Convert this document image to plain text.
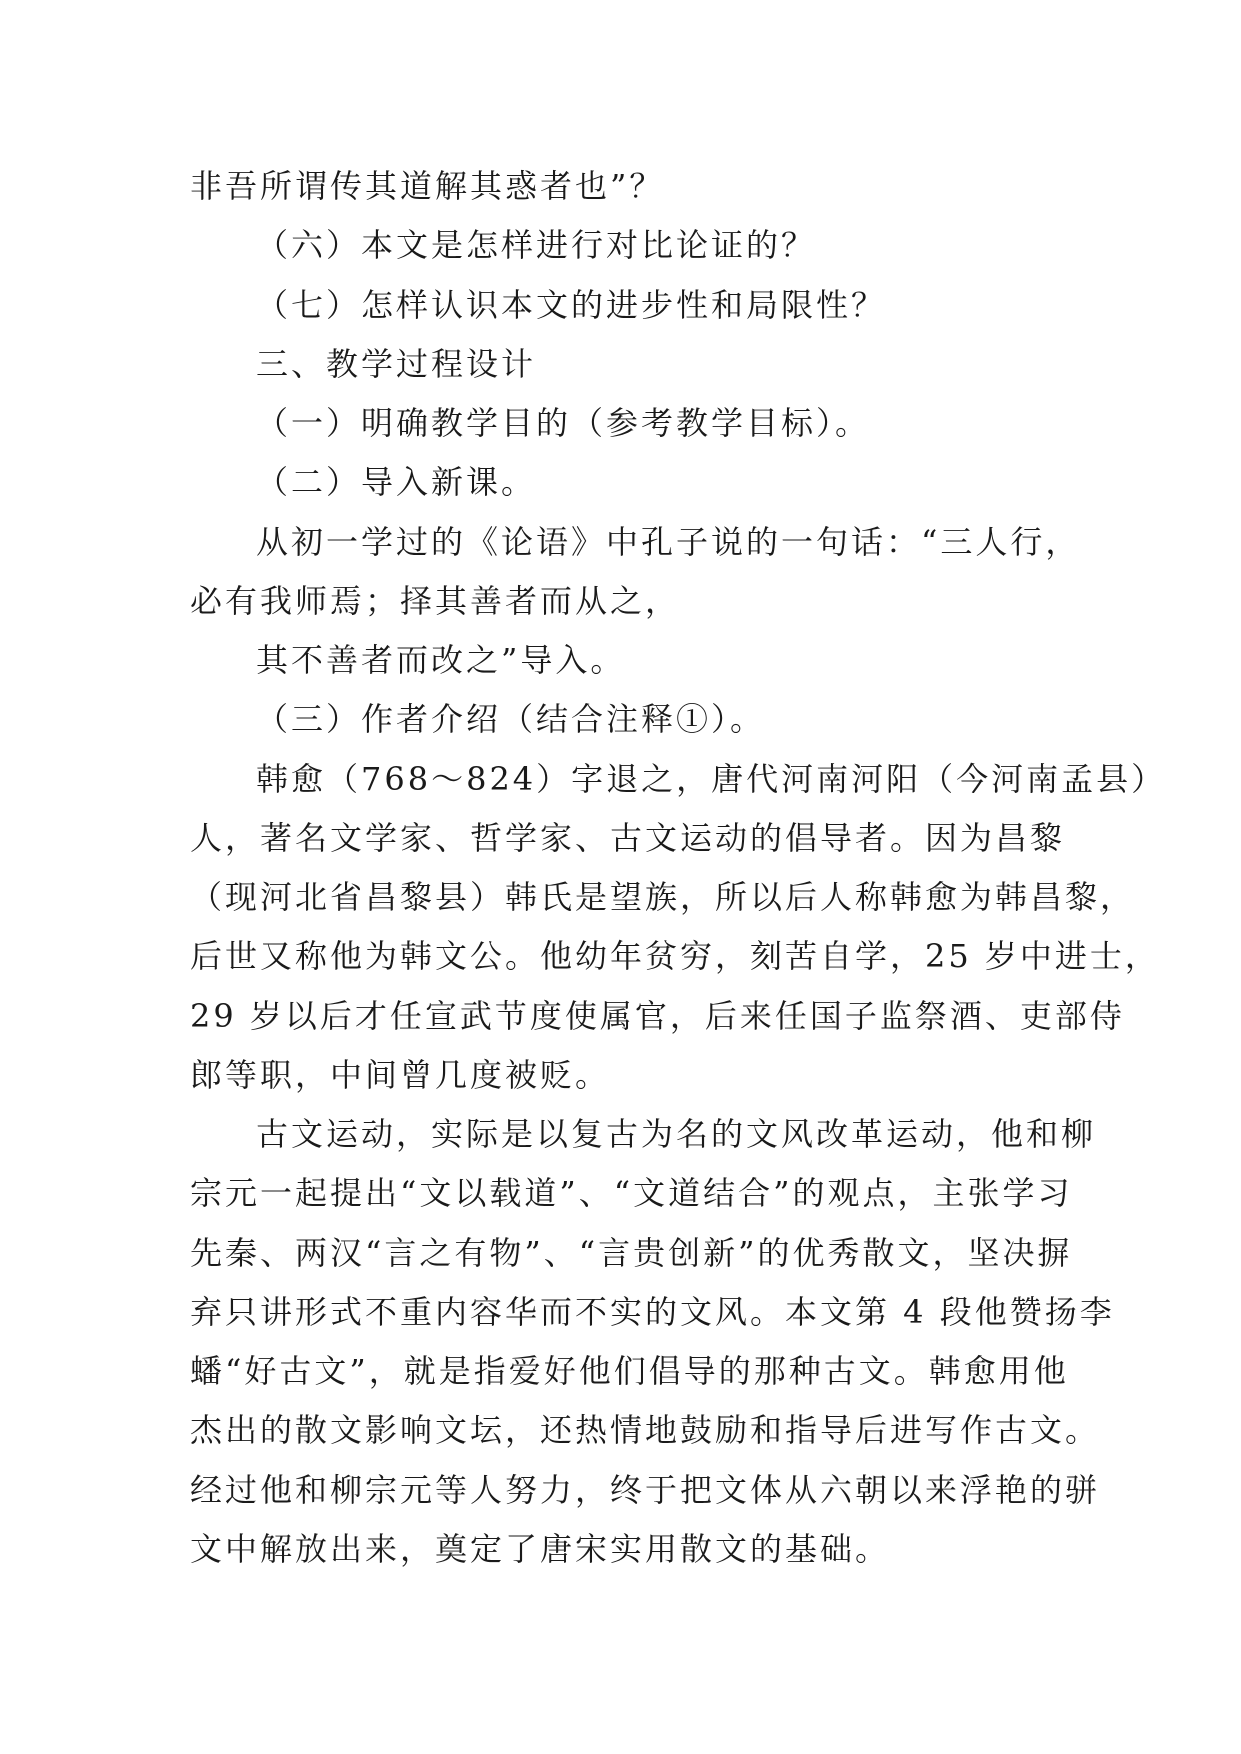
非吾所谓传其道解其惑者也”？
（六）本文是怎样进行对比论证的？
（七）怎样认识本文的进步性和局限性？
三、教学过程设计
（一）明确教学目的（参考教学目标）。
（二）导入新课。
从初一学过的《论语》中孔子说的一句话：“三人行，
必有我师焉；择其善者而从之，
其不善者而改之”导入。
（三）作者介绍（结合注释①）。
韩愈（768～824）字退之，唐代河南河阳（今河南孟县）
人，著名文学家、哲学家、古文运动的倡导者。因为昌黎
（现河北省昌黎县）韩氏是望族，所以后人称韩愈为韩昌黎，
后世又称他为韩文公。他幼年贫穷，刻苦自学，25 岁中进士，
29 岁以后才任宣武节度使属官，后来任国子监祭酒、吏部侍
郎等职，中间曾几度被贬。
古文运动，实际是以复古为名的文风改革运动，他和柳
宗元一起提出“文以载道”、“文道结合”的观点，主张学习
先秦、两汉“言之有物”、“言贵创新”的优秀散文，坚决摒
弃只讲形式不重内容华而不实的文风。本文第 4 段他赞扬李
蟠“好古文”，就是指爱好他们倡导的那种古文。韩愈用他
杰出的散文影响文坛，还热情地鼓励和指导后进写作古文。
经过他和柳宗元等人努力，终于把文体从六朝以来浮艳的骈
文中解放出来，奠定了唐宋实用散文的基础。
